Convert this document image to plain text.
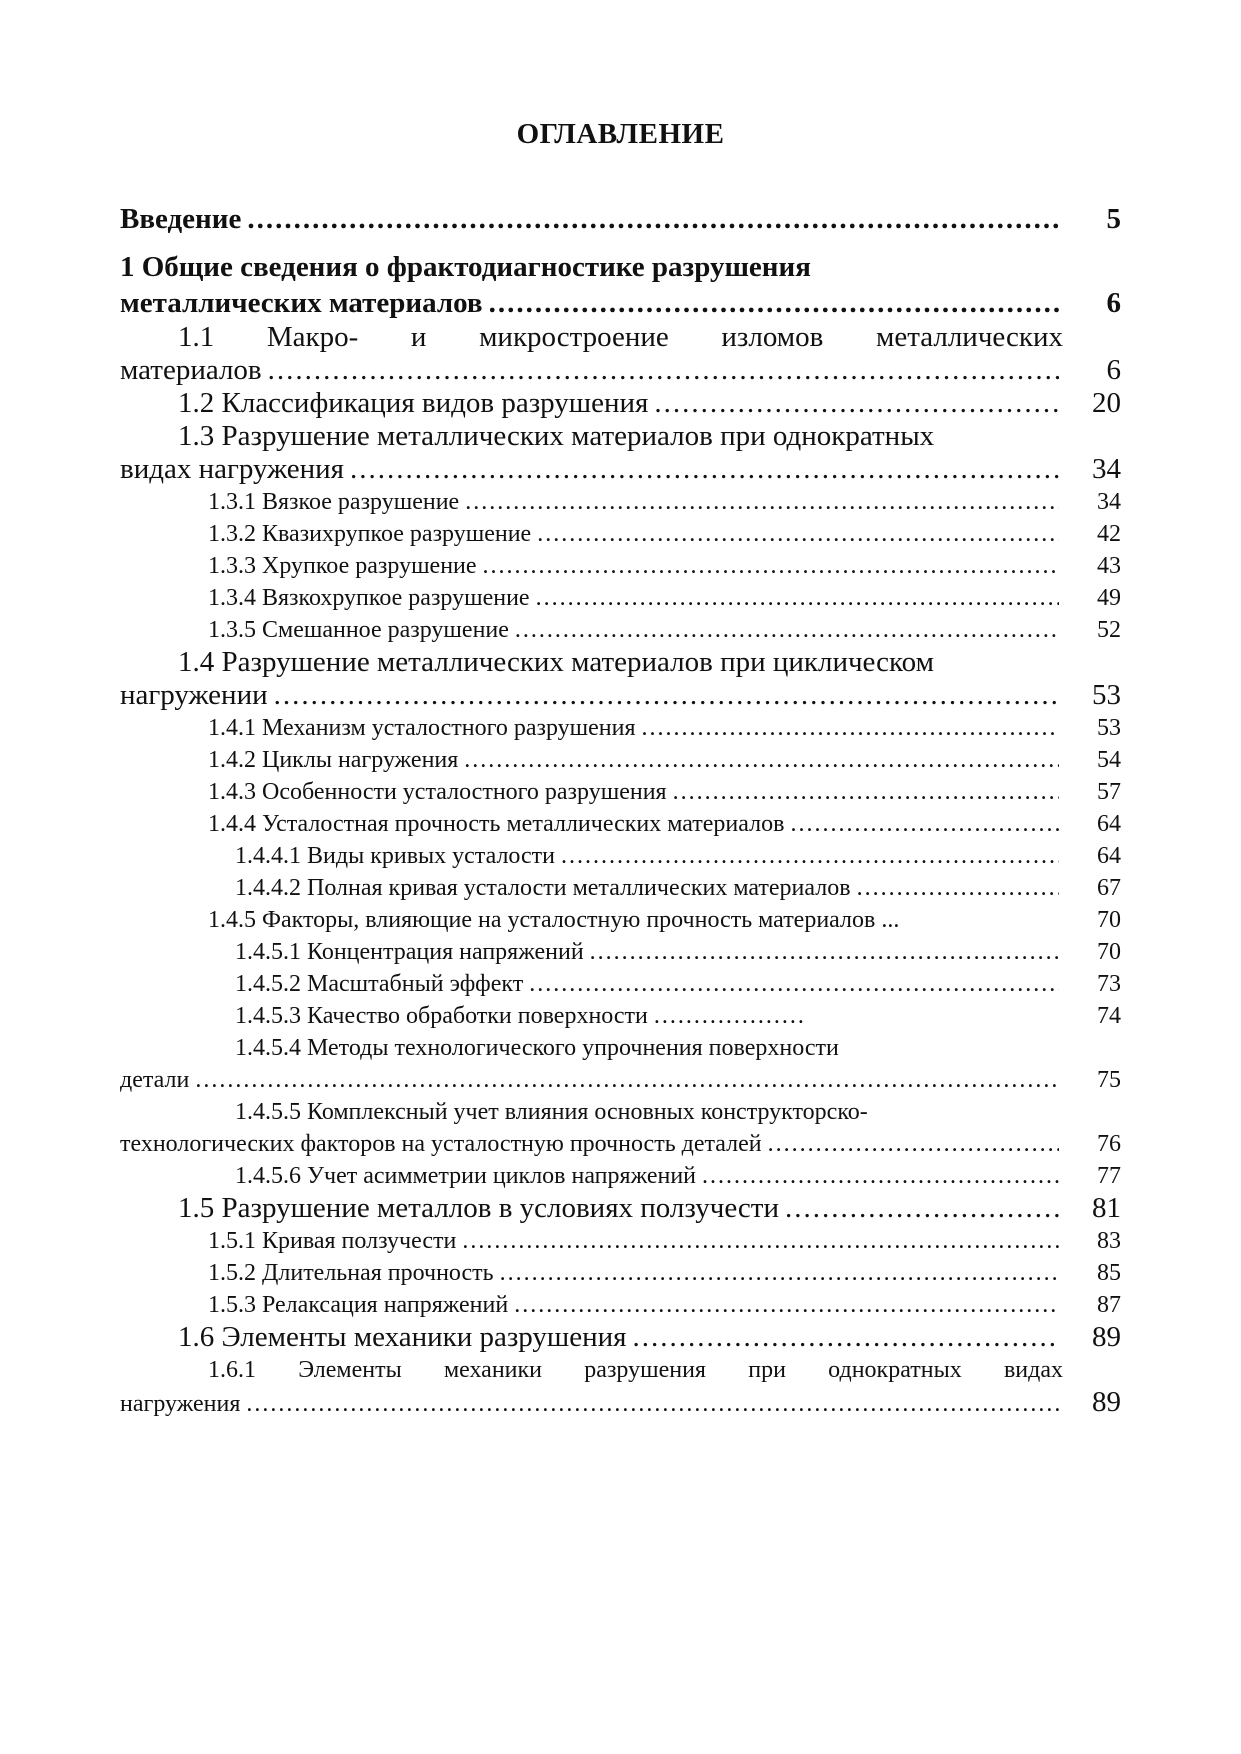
ОГЛАВЛЕНИЕ
Введение .....	5
1 Общие сведения о фрактодиагностике разрушения
металлических материалов .....	6
1.1 Макро- и микростроение изломов металлических
материалов .....	6
1.2 Классификация видов разрушения .....	20
1.3 Разрушение металлических материалов при однократных
видах нагружения .....	34
1.3.1 Вязкое разрушение .....	34
1.3.2 Квазихрупкое разрушение .....	42
1.3.3 Хрупкое разрушение .....	43
1.3.4 Вязкохрупкое разрушение .....	49
1.3.5 Смешанное разрушение .....	52
1.4 Разрушение металлических материалов при циклическом
нагружении .....	53
1.4.1 Механизм усталостного разрушения .....	53
1.4.2 Циклы нагружения .....	54
1.4.3 Особенности усталостного разрушения .....	57
1.4.4 Усталостная прочность металлических материалов .....	64
1.4.4.1 Виды кривых усталости .....	64
1.4.4.2 Полная кривая усталости металлических материалов .....	67
1.4.5 Факторы, влияющие на усталостную прочность материалов ...	70
1.4.5.1 Концентрация напряжений .....	70
1.4.5.2 Масштабный эффект .....	73
1.4.5.3 Качество обработки поверхности .....	74
1.4.5.4 Методы технологического упрочнения поверхности
детали .....	75
1.4.5.5 Комплексный учет влияния основных конструкторско-
технологических факторов на усталостную прочность деталей .....	76
1.4.5.6 Учет асимметрии циклов напряжений .....	77
1.5 Разрушение металлов в условиях ползучести .....	81
1.5.1 Кривая ползучести .....	83
1.5.2 Длительная прочность .....	85
1.5.3 Релаксация напряжений .....	87
1.6 Элементы механики разрушения .....	89
1.6.1 Элементы механики разрушения при однократных видах
нагружения .....	89
